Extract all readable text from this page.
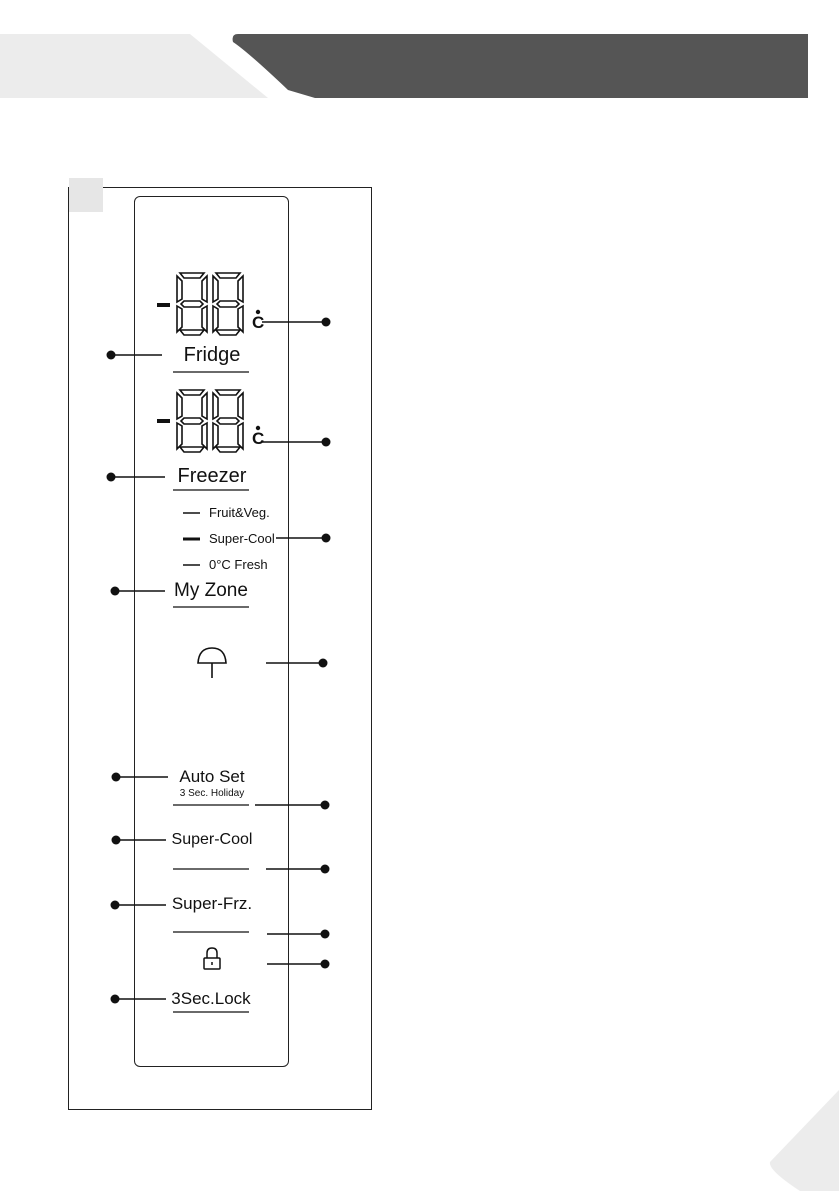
C
C
Fridge
Freezer
Fruit&Veg.
Super-Cool
0°C Fresh
My Zone
Auto Set
3 Sec. Holiday
Super-Cool
Super-Frz.
3Sec.Lock
